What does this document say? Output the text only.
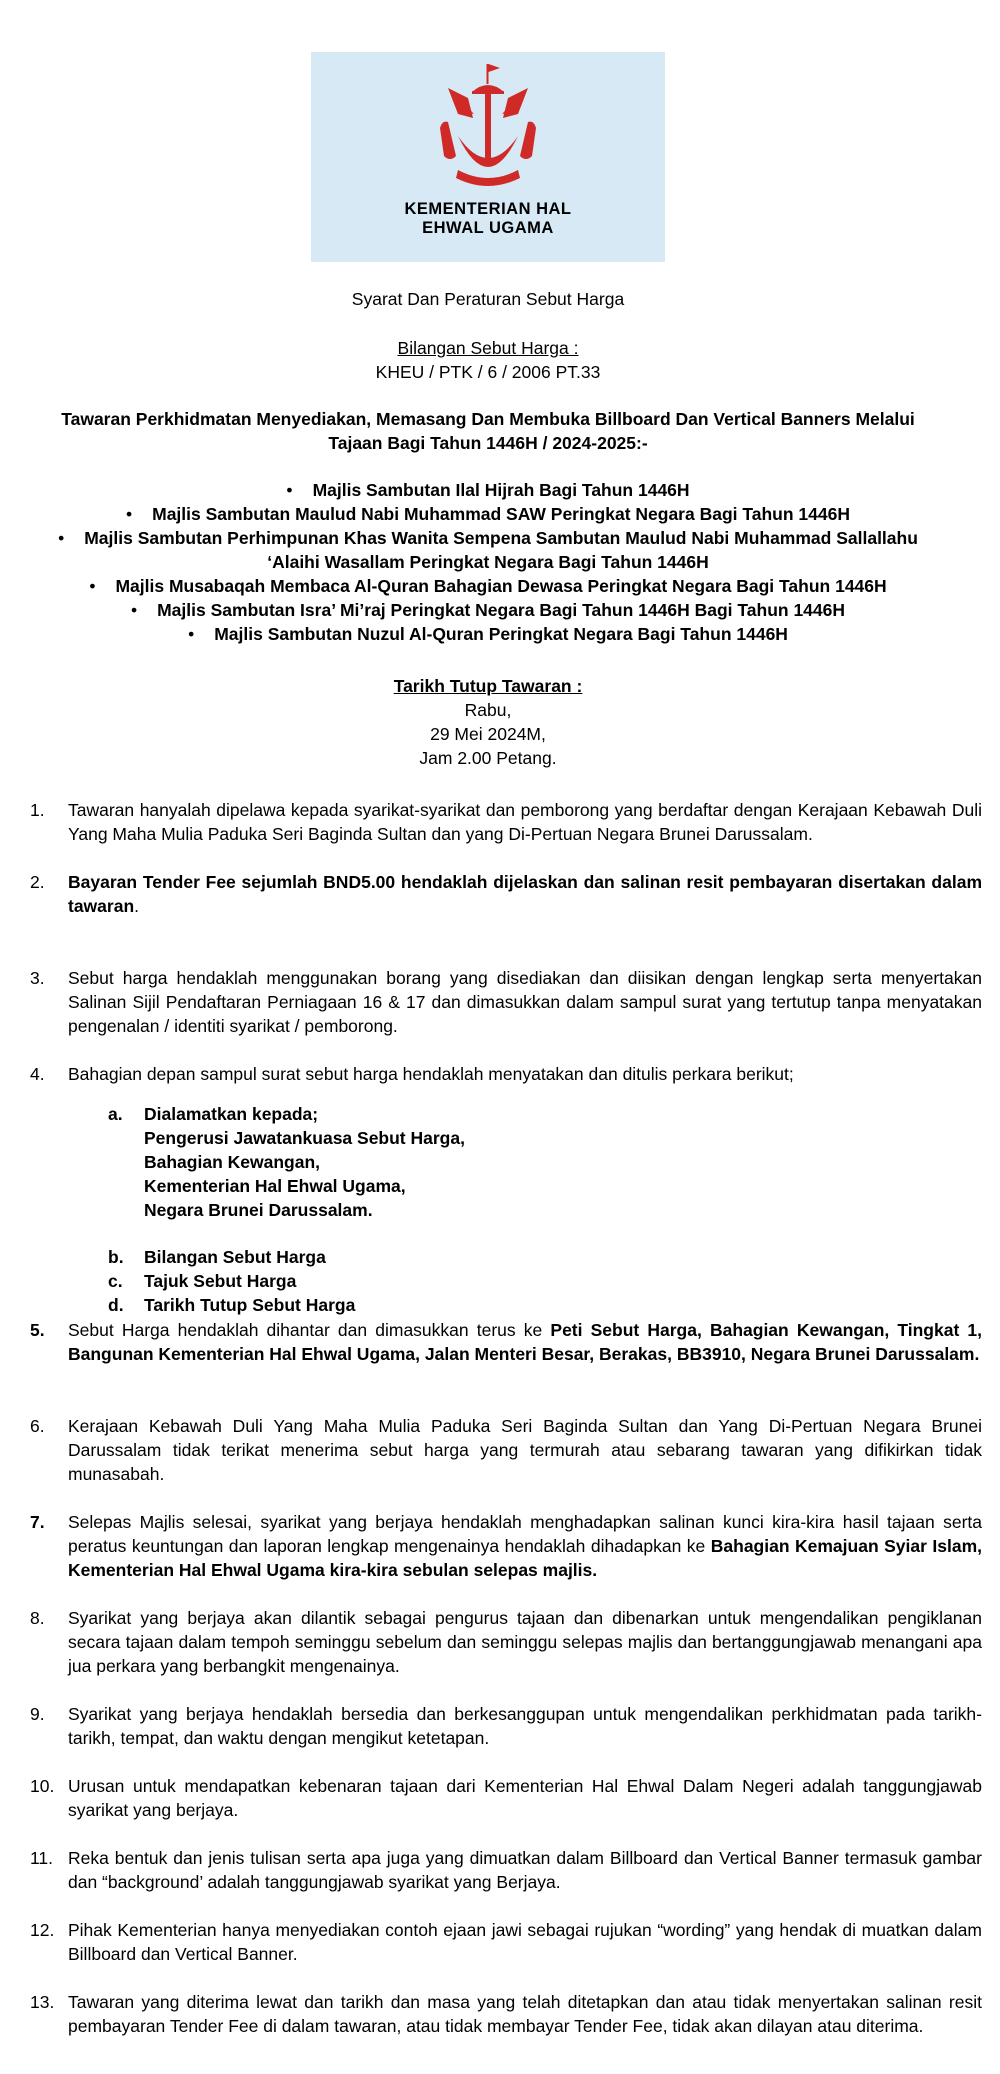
KEMENTERIAN HAL
EHWAL UGAMA
Syarat Dan Peraturan Sebut Harga
Bilangan Sebut Harga :
KHEU / PTK / 6 / 2006 PT.33
Tawaran Perkhidmatan Menyediakan, Memasang Dan Membuka Billboard Dan Vertical Banners Melalui
Tajaan Bagi Tahun 1446H / 2024-2025:-
• Majlis Sambutan Ilal Hijrah Bagi Tahun 1446H
• Majlis Sambutan Maulud Nabi Muhammad SAW Peringkat Negara Bagi Tahun 1446H
• Majlis Sambutan Perhimpunan Khas Wanita Sempena Sambutan Maulud Nabi Muhammad Sallallahu
‘Alaihi Wasallam Peringkat Negara Bagi Tahun 1446H
• Majlis Musabaqah Membaca Al-Quran Bahagian Dewasa Peringkat Negara Bagi Tahun 1446H
• Majlis Sambutan Isra’ Mi’raj Peringkat Negara Bagi Tahun 1446H Bagi Tahun 1446H
• Majlis Sambutan Nuzul Al-Quran Peringkat Negara Bagi Tahun 1446H
Tarikh Tutup Tawaran :
Rabu,
29 Mei 2024M,
Jam 2.00 Petang.
1.	Tawaran hanyalah dipelawa kepada syarikat-syarikat dan pemborong yang berdaftar dengan Kerajaan Kebawah Duli Yang Maha Mulia Paduka Seri Baginda Sultan dan yang Di-Pertuan Negara Brunei Darussalam.
2.	Bayaran Tender Fee sejumlah BND5.00 hendaklah dijelaskan dan salinan resit pembayaran disertakan dalam tawaran.
3.	Sebut harga hendaklah menggunakan borang yang disediakan dan diisikan dengan lengkap serta menyertakan Salinan Sijil Pendaftaran Perniagaan 16 & 17 dan dimasukkan dalam sampul surat yang tertutup tanpa menyatakan pengenalan / identiti syarikat / pemborong.
4.	Bahagian depan sampul surat sebut harga hendaklah menyatakan dan ditulis perkara berikut;
5.	Sebut Harga hendaklah dihantar dan dimasukkan terus ke Peti Sebut Harga, Bahagian Kewangan, Tingkat 1, Bangunan Kementerian Hal Ehwal Ugama, Jalan Menteri Besar, Berakas, BB3910, Negara Brunei Darussalam.
6.	Kerajaan Kebawah Duli Yang Maha Mulia Paduka Seri Baginda Sultan dan Yang Di-Pertuan Negara Brunei Darussalam tidak terikat menerima sebut harga yang termurah atau sebarang tawaran yang difikirkan tidak munasabah.
7.	Selepas Majlis selesai, syarikat yang berjaya hendaklah menghadapkan salinan kunci kira-kira hasil tajaan serta peratus keuntungan dan laporan lengkap mengenainya hendaklah dihadapkan ke Bahagian Kemajuan Syiar Islam, Kementerian Hal Ehwal Ugama kira-kira sebulan selepas majlis.
8.	Syarikat yang berjaya akan dilantik sebagai pengurus tajaan dan dibenarkan untuk mengendalikan pengiklanan secara tajaan dalam tempoh seminggu sebelum dan seminggu selepas majlis dan bertanggungjawab menangani apa jua perkara yang berbangkit mengenainya.
9.	Syarikat yang berjaya hendaklah bersedia dan berkesanggupan untuk mengendalikan perkhidmatan pada tarikh-tarikh, tempat, dan waktu dengan mengikut ketetapan.
10. Urusan untuk mendapatkan kebenaran tajaan dari Kementerian Hal Ehwal Dalam Negeri adalah tanggungjawab syarikat yang berjaya.
11. Reka bentuk dan jenis tulisan serta apa juga yang dimuatkan dalam Billboard dan Vertical Banner termasuk gambar dan “background’ adalah tanggungjawab syarikat yang Berjaya.
12. Pihak Kementerian hanya menyediakan contoh ejaan jawi sebagai rujukan “wording” yang hendak di muatkan dalam Billboard dan Vertical Banner.
13. Tawaran yang diterima lewat dan tarikh dan masa yang telah ditetapkan dan atau tidak menyertakan salinan resit pembayaran Tender Fee di dalam tawaran, atau tidak membayar Tender Fee, tidak akan dilayan atau diterima.
a. Dialamatkan kepada;
Pengerusi Jawatankuasa Sebut Harga,
Bahagian Kewangan,
Kementerian Hal Ehwal Ugama,
Negara Brunei Darussalam.
b. Bilangan Sebut Harga
c. Tajuk Sebut Harga
d. Tarikh Tutup Sebut Harga
